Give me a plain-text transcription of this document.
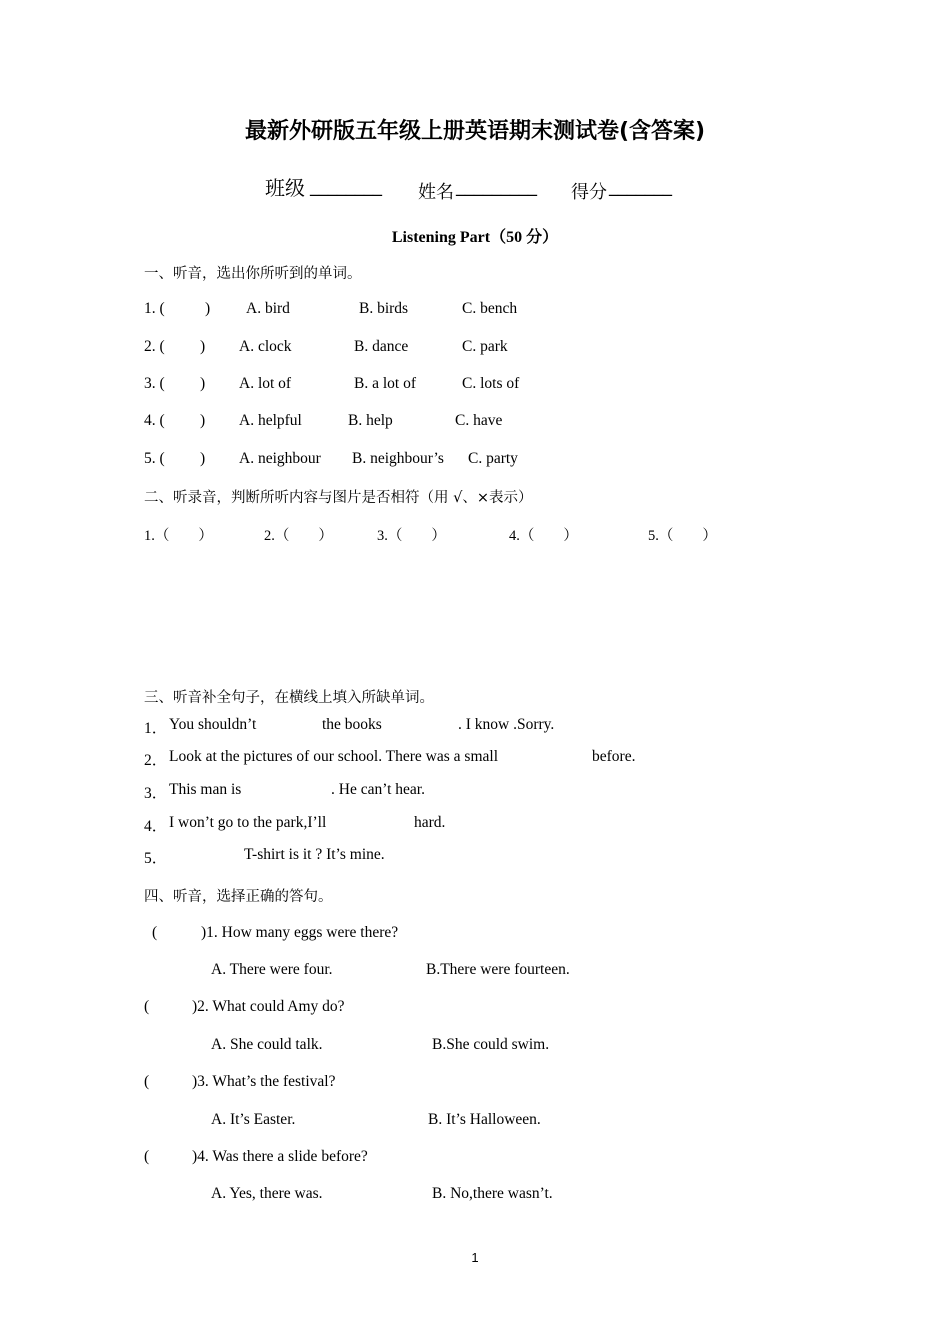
最新外研版五年级上册英语期末测试卷(含答案)
班级 ________ 姓名 _________ 得分 _______
Listening Part（50 分）
一、听音，选出你所听到的单词。
1. (	) A. bird	B. birds	C. bench
2. ( ) A. clock	B. dance	C. park
3. ( ) A. lot of	B. a lot of	C. lots of
4. ( ) A. helpful	B. help	C. have
5. ( ) A. neighbour B. neighbour’s C. party
二、听录音，判断所听内容与图片是否相符（用 √、×表示）
1.（　　）	2.（　　）	3.（　　）	4.（　　）	5.（　　）
三、听音补全句子，在横线上填入所缺单词。
1． You shouldn’t	the books	. I know .Sorry.
2． Look at the pictures of our school. There was a small	before.
3． This man is	. He can’t hear.
4． I won’t go to the park,I’ll	hard.
5．	T-shirt is it ? It’s mine.
四、听音，选择正确的答句。
(	)1. How many eggs were there?
A. There were four.	B.There were fourteen.
(	)2. What could Amy do?
A. She could talk.	B.She could swim.
(	)3. What’s the festival?
A. It’s Easter.	B. It’s Halloween.
(	)4. Was there a slide before?
A. Yes, there was.	B. No,there wasn’t.
1
